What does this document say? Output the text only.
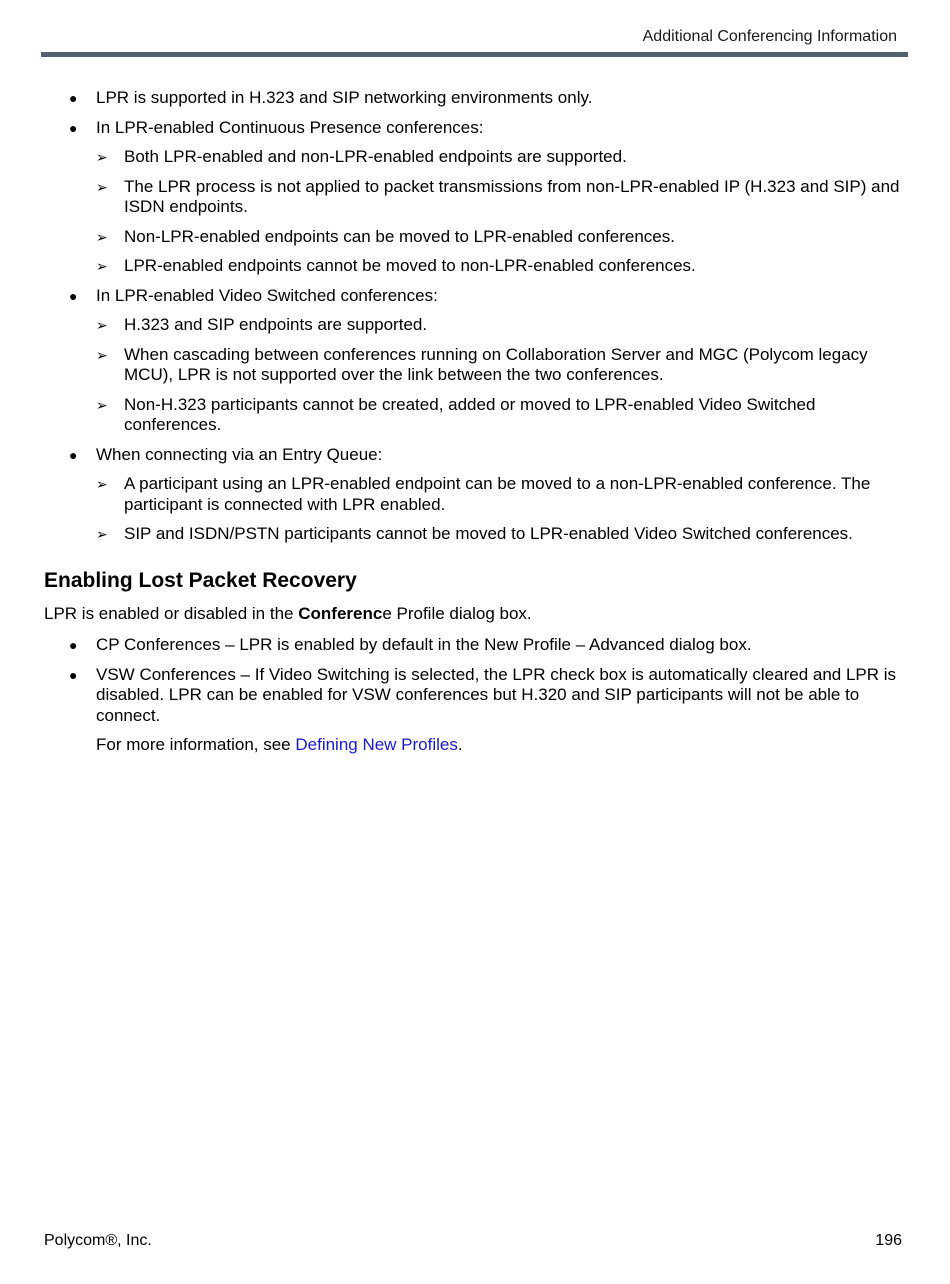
Additional Conferencing Information
● LPR is supported in H.323 and SIP networking environments only.
● In LPR-enabled Continuous Presence conferences:
➢ Both LPR-enabled and non-LPR-enabled endpoints are supported.
➢ The LPR process is not applied to packet transmissions from non-LPR-enabled IP (H.323 and SIP) and ISDN endpoints.
➢ Non-LPR-enabled endpoints can be moved to LPR-enabled conferences.
➢ LPR-enabled endpoints cannot be moved to non-LPR-enabled conferences.
● In LPR-enabled Video Switched conferences:
➢ H.323 and SIP endpoints are supported.
➢ When cascading between conferences running on Collaboration Server and MGC (Polycom legacy MCU), LPR is not supported over the link between the two conferences.
➢ Non-H.323 participants cannot be created, added or moved to LPR-enabled Video Switched conferences.
● When connecting via an Entry Queue:
➢ A participant using an LPR-enabled endpoint can be moved to a non-LPR-enabled conference. The participant is connected with LPR enabled.
➢ SIP and ISDN/PSTN participants cannot be moved to LPR-enabled Video Switched conferences.
Enabling Lost Packet Recovery

LPR is enabled or disabled in the Conference Profile dialog box.

● CP Conferences – LPR is enabled by default in the New Profile – Advanced dialog box.
● VSW Conferences – If Video Switching is selected, the LPR check box is automatically cleared and LPR is disabled. LPR can be enabled for VSW conferences but H.320 and SIP participants will not be able to connect.

For more information, see Defining New Profiles.

Polycom®, Inc.	196
